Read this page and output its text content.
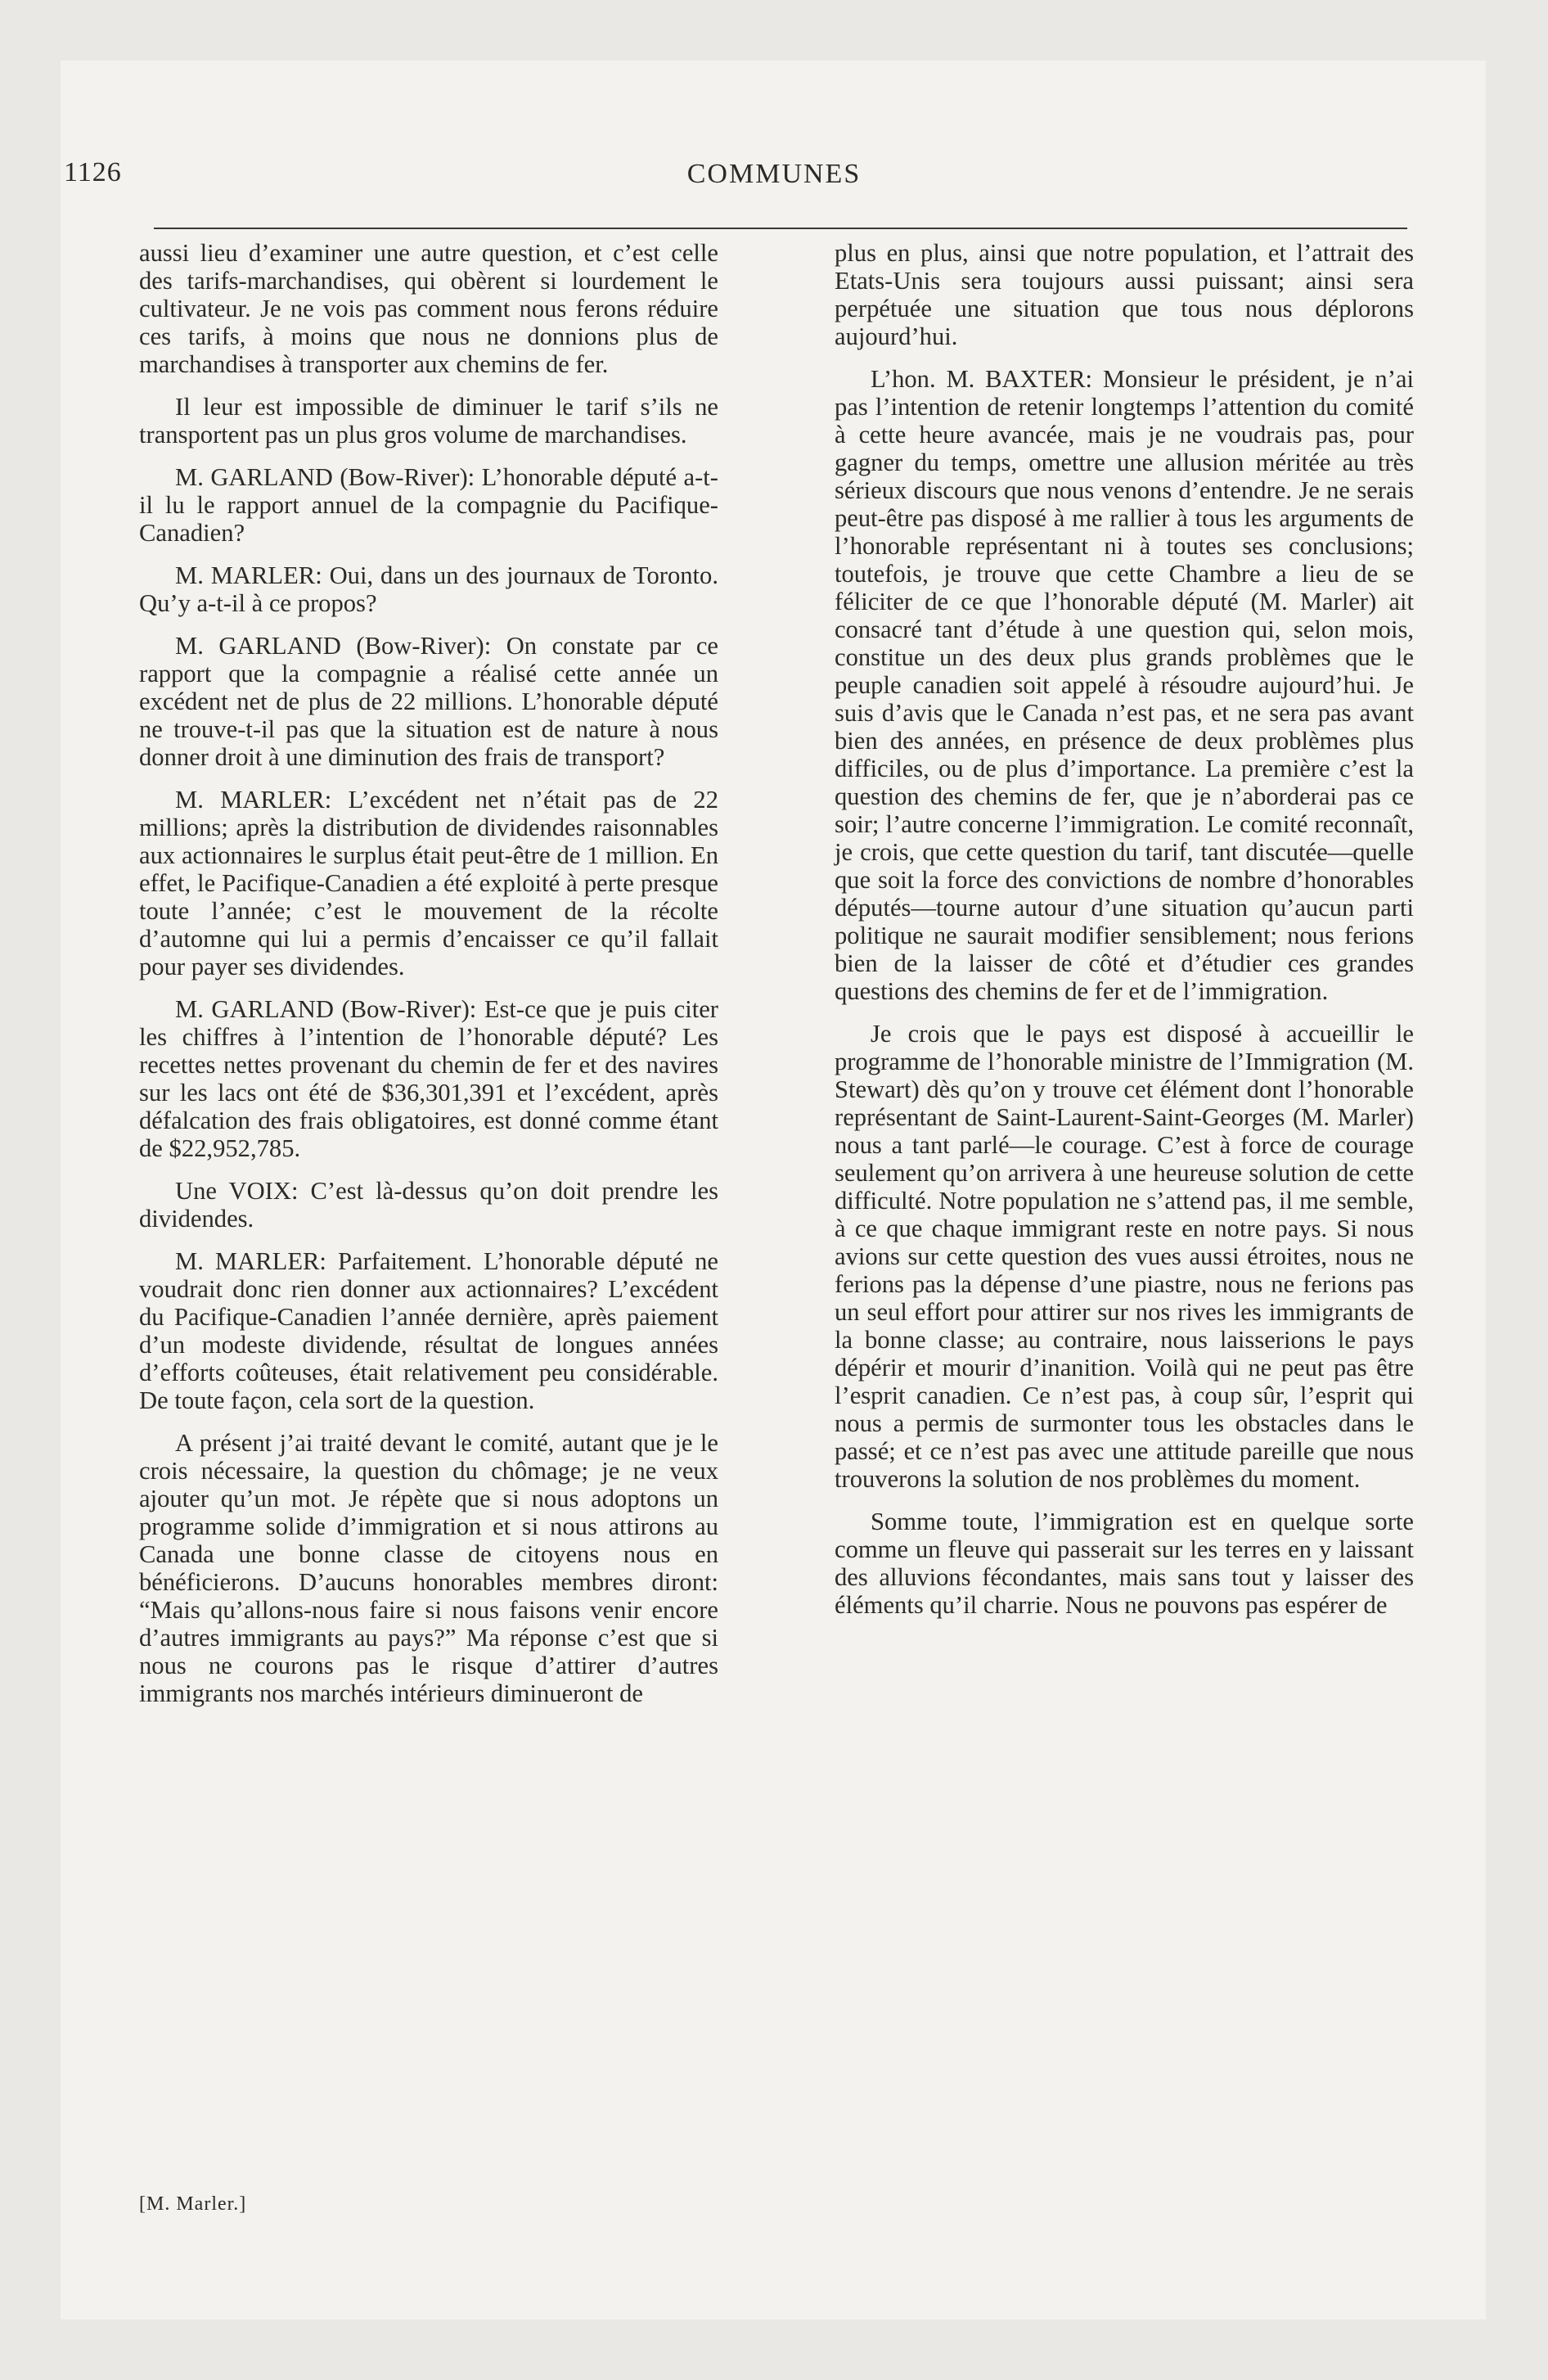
1126	COMMUNES

aussi lieu d’examiner une autre question, et c’est celle des tarifs-marchandises, qui obèrent si lourdement le cultivateur. Je ne vois pas comment nous ferons réduire ces tarifs, à moins que nous ne donnions plus de marchandises à transporter aux chemins de fer.

Il leur est impossible de diminuer le tarif s’ils ne transportent pas un plus gros volume de marchandises.

M. GARLAND (Bow-River): L’honorable député a-t-il lu le rapport annuel de la compagnie du Pacifique-Canadien?

M. MARLER: Oui, dans un des journaux de Toronto. Qu’y a-t-il à ce propos?

M. GARLAND (Bow-River): On constate par ce rapport que la compagnie a réalisé cette année un excédent net de plus de 22 millions. L’honorable député ne trouve-t-il pas que la situation est de nature à nous donner droit à une diminution des frais de transport?

M. MARLER: L’excédent net n’était pas de 22 millions; après la distribution de dividendes raisonnables aux actionnaires le surplus était peut-être de 1 million. En effet, le Pacifique-Canadien a été exploité à perte presque toute l’année; c’est le mouvement de la récolte d’automne qui lui a permis d’encaisser ce qu’il fallait pour payer ses dividendes.

M. GARLAND (Bow-River): Est-ce que je puis citer les chiffres à l’intention de l’honorable député? Les recettes nettes provenant du chemin de fer et des navires sur les lacs ont été de $36,301,391 et l’excédent, après défalcation des frais obligatoires, est donné comme étant de $22,952,785.

Une VOIX: C’est là-dessus qu’on doit prendre les dividendes.

M. MARLER: Parfaitement. L’honorable député ne voudrait donc rien donner aux actionnaires? L’excédent du Pacifique-Canadien l’année dernière, après paiement d’un modeste dividende, résultat de longues années d’efforts coûteuses, était relativement peu considérable. De toute façon, cela sort de la question.

A présent j’ai traité devant le comité, autant que je le crois nécessaire, la question du chômage; je ne veux ajouter qu’un mot. Je répète que si nous adoptons un programme solide d’immigration et si nous attirons au Canada une bonne classe de citoyens nous en bénéficierons. D’aucuns honorables membres diront: “Mais qu’allons-nous faire si nous faisons venir encore d’autres immigrants au pays?” Ma réponse c’est que si nous ne courons pas le risque d’attirer d’autres immigrants nos marchés intérieurs diminueront de

plus en plus, ainsi que notre population, et l’attrait des Etats-Unis sera toujours aussi puissant; ainsi sera perpétuée une situation que tous nous déplorons aujourd’hui.

L’hon. M. BAXTER: Monsieur le président, je n’ai pas l’intention de retenir longtemps l’attention du comité à cette heure avancée, mais je ne voudrais pas, pour gagner du temps, omettre une allusion méritée au très sérieux discours que nous venons d’entendre. Je ne serais peut-être pas disposé à me rallier à tous les arguments de l’honorable représentant ni à toutes ses conclusions; toutefois, je trouve que cette Chambre a lieu de se féliciter de ce que l’honorable député (M. Marler) ait consacré tant d’étude à une question qui, selon mois, constitue un des deux plus grands problèmes que le peuple canadien soit appelé à résoudre aujourd’hui. Je suis d’avis que le Canada n’est pas, et ne sera pas avant bien des années, en présence de deux problèmes plus difficiles, ou de plus d’importance. La première c’est la question des chemins de fer, que je n’aborderai pas ce soir; l’autre concerne l’immigration. Le comité reconnaît, je crois, que cette question du tarif, tant discutée—quelle que soit la force des convictions de nombre d’honorables députés—tourne autour d’une situation qu’aucun parti politique ne saurait modifier sensiblement; nous ferions bien de la laisser de côté et d’étudier ces grandes questions des chemins de fer et de l’immigration.

Je crois que le pays est disposé à accueillir le programme de l’honorable ministre de l’Immigration (M. Stewart) dès qu’on y trouve cet élément dont l’honorable représentant de Saint-Laurent-Saint-Georges (M. Marler) nous a tant parlé—le courage. C’est à force de courage seulement qu’on arrivera à une heureuse solution de cette difficulté. Notre population ne s’attend pas, il me semble, à ce que chaque immigrant reste en notre pays. Si nous avions sur cette question des vues aussi étroites, nous ne ferions pas la dépense d’une piastre, nous ne ferions pas un seul effort pour attirer sur nos rives les immigrants de la bonne classe; au contraire, nous laisserions le pays dépérir et mourir d’inanition. Voilà qui ne peut pas être l’esprit canadien. Ce n’est pas, à coup sûr, l’esprit qui nous a permis de surmonter tous les obstacles dans le passé; et ce n’est pas avec une attitude pareille que nous trouverons la solution de nos problèmes du moment.

Somme toute, l’immigration est en quelque sorte comme un fleuve qui passerait sur les terres en y laissant des alluvions fécondantes, mais sans tout y laisser des éléments qu’il charrie. Nous ne pouvons pas espérer de

[M. Marler.]
